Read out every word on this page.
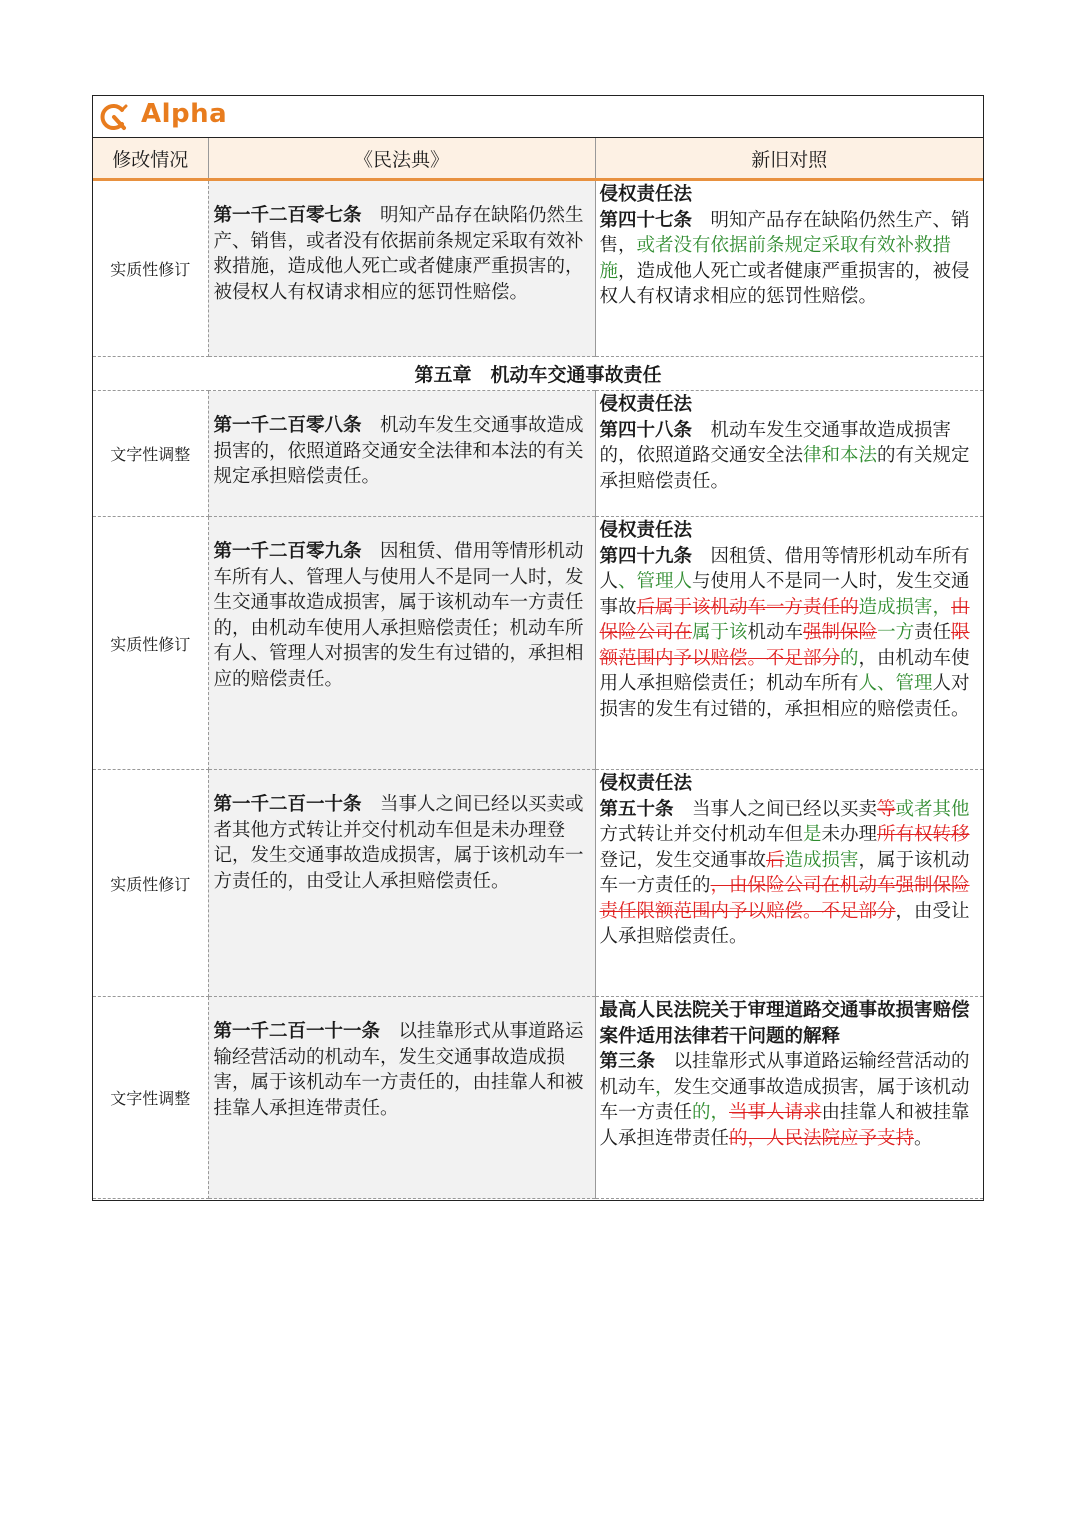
Alpha
修改情况	《民法典》	新旧对照
实质性修订	第一千二百零七条　明知产品存在缺陷仍然生产、销售，或者没有依据前条规定采取有效补救措施，造成他人死亡或者健康严重损害的，被侵权人有权请求相应的惩罚性赔偿。	侵权责任法
第四十七条　明知产品存在缺陷仍然生产、销售，或者没有依据前条规定采取有效补救措施，造成他人死亡或者健康严重损害的，被侵权人有权请求相应的惩罚性赔偿。
第五章　机动车交通事故责任		
文字性调整	第一千二百零八条　机动车发生交通事故造成损害的，依照道路交通安全法律和本法的有关规定承担赔偿责任。	侵权责任法
第四十八条　机动车发生交通事故造成损害的，依照道路交通安全法律和本法的有关规定承担赔偿责任。
实质性修订	第一千二百零九条　因租赁、借用等情形机动车所有人、管理人与使用人不是同一人时，发生交通事故造成损害，属于该机动车一方责任的，由机动车使用人承担赔偿责任；机动车所有人、管理人对损害的发生有过错的，承担相应的赔偿责任。	侵权责任法
第四十九条　因租赁、借用等情形机动车所有人、管理人与使用人不是同一人时，发生交通事故后属于该机动车一方责任的造成损害，由保险公司在属于该机动车强制保险一方责任限额范围内予以赔偿。不足部分的，由机动车使用人承担赔偿责任；机动车所有人、管理人对损害的发生有过错的，承担相应的赔偿责任。
实质性修订	第一千二百一十条　当事人之间已经以买卖或者其他方式转让并交付机动车但是未办理登记，发生交通事故造成损害，属于该机动车一方责任的，由受让人承担赔偿责任。	侵权责任法
第五十条　当事人之间已经以买卖等或者其他方式转让并交付机动车但是未办理所有权转移登记，发生交通事故后造成损害，属于该机动车一方责任的，由保险公司在机动车强制保险责任限额范围内予以赔偿。不足部分，由受让人承担赔偿责任。
文字性调整	第一千二百一十一条　以挂靠形式从事道路运输经营活动的机动车，发生交通事故造成损害，属于该机动车一方责任的，由挂靠人和被挂靠人承担连带责任。	最高人民法院关于审理道路交通事故损害赔偿案件适用法律若干问题的解释
第三条　以挂靠形式从事道路运输经营活动的机动车，发生交通事故造成损害，属于该机动车一方责任的，当事人请求由挂靠人和被挂靠人承担连带责任的，人民法院应予支持。
